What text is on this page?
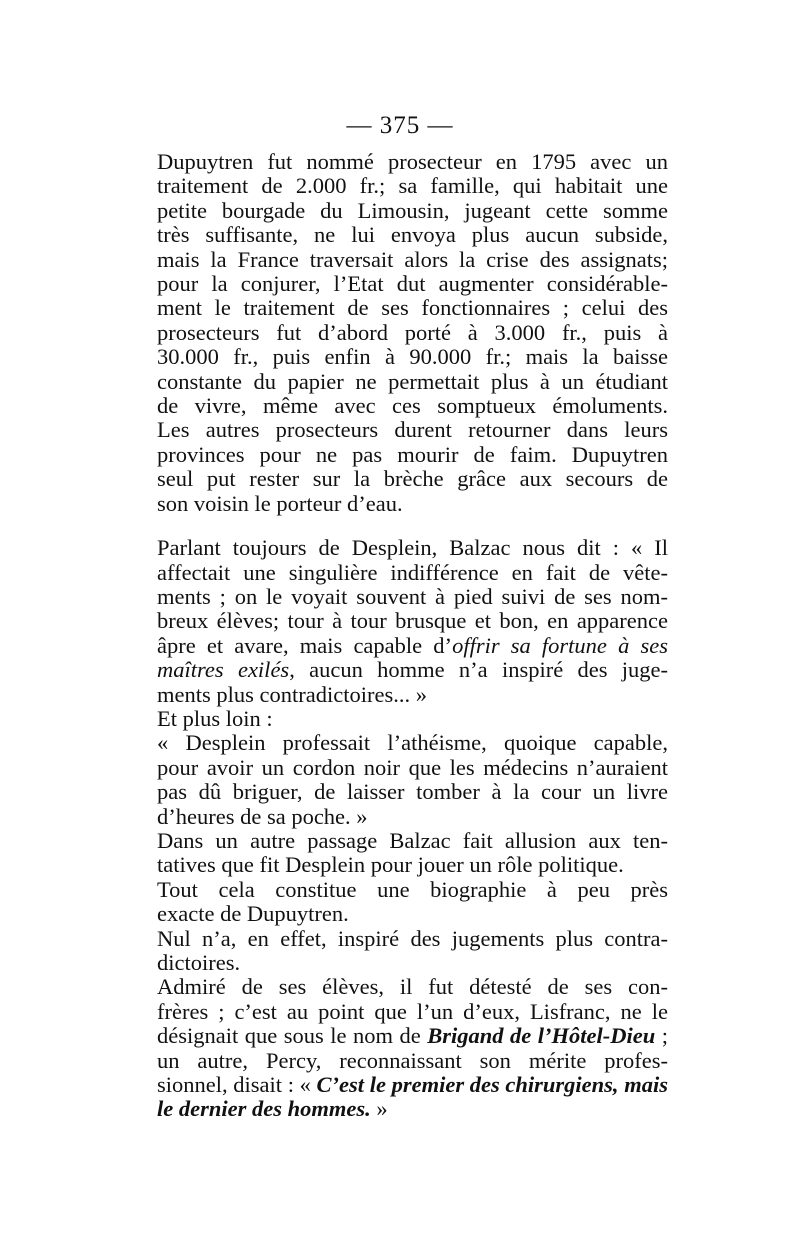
— 375 —

Dupuytren fut nommé prosecteur en 1795 avec un
traitement de 2.000 fr.; sa famille, qui habitait une
petite bourgade du Limousin, jugeant cette somme
très suffisante, ne lui envoya plus aucun subside,
mais la France traversait alors la crise des assignats;
pour la conjurer, l’Etat dut augmenter considérable-
ment le traitement de ses fonctionnaires ; celui des
prosecteurs fut d’abord porté à 3.000 fr., puis à
30.000 fr., puis enfin à 90.000 fr.; mais la baisse
constante du papier ne permettait plus à un étudiant
de vivre, même avec ces somptueux émoluments.
Les autres prosecteurs durent retourner dans leurs
provinces pour ne pas mourir de faim. Dupuytren
seul put rester sur la brèche grâce aux secours de
son voisin le porteur d’eau.

Parlant toujours de Desplein, Balzac nous dit : « Il
affectait une singulière indifférence en fait de vête-
ments ; on le voyait souvent à pied suivi de ses nom-
breux élèves; tour à tour brusque et bon, en apparence
âpre et avare, mais capable d’offrir sa fortune à ses
maîtres exilés, aucun homme n’a inspiré des juge-
ments plus contradictoires... »

Et plus loin :

« Desplein professait l’athéisme, quoique capable,
pour avoir un cordon noir que les médecins n’auraient
pas dû briguer, de laisser tomber à la cour un livre
d’heures de sa poche. »

Dans un autre passage Balzac fait allusion aux ten-
tatives que fit Desplein pour jouer un rôle politique.

Tout cela constitue une biographie à peu près
exacte de Dupuytren.

Nul n’a, en effet, inspiré des jugements plus contra-
dictoires.

Admiré de ses élèves, il fut détesté de ses con-
frères ; c’est au point que l’un d’eux, Lisfranc, ne le
désignait que sous le nom de Brigand de l’Hôtel-Dieu ;
un autre, Percy, reconnaissant son mérite profes-
sionnel, disait : « C’est le premier des chirurgiens, mais
le dernier des hommes. »
